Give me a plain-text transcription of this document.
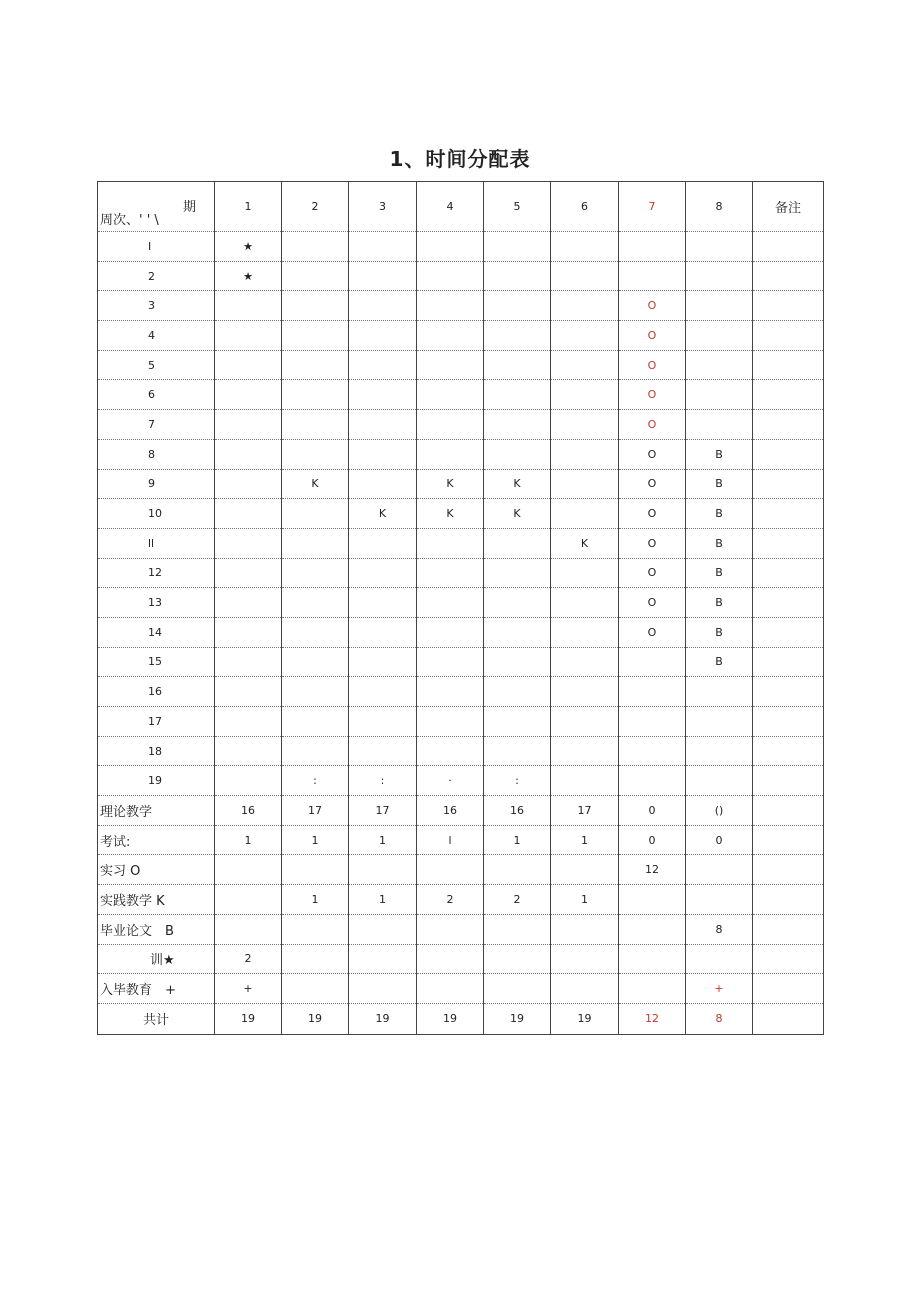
1、时间分配表
期
周次、' ' \	1	2	3	4	5	6	7	8	备注
I	★								
2	★								
3							O		
4							O		
5							O		
6							O		
7							O		
8							O	B	
9		K		K	K		O	B	
10			K	K	K		O	B	
ll						K	O	B	
12							O	B	
13							O	B	
14							O	B	
15								B	
16									
17									
18									
19		:	:	·	:				
理论教学	16	17	17	16	16	17	0	()	
考试:	1	1	1	l	1	1	0	0	
实习 O							12		
实践教学 K		1	1	2	2	1			
毕业论文　B								8	
训★	2								
入毕教育　+	+							+	
共计	19	19	19	19	19	19	12	8	
